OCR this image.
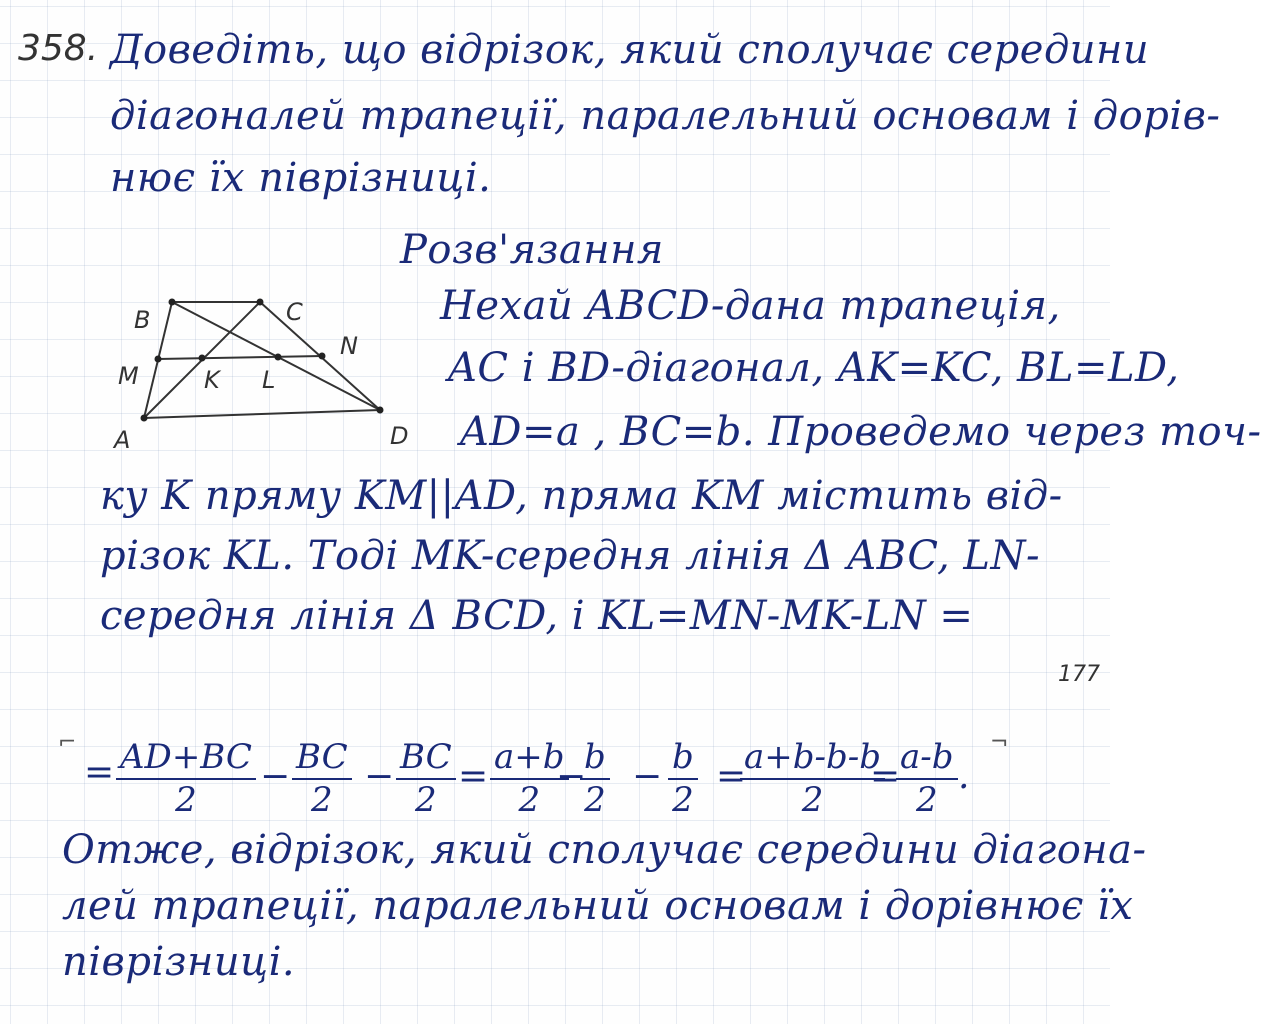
358. Доведіть, що відрізок, який сполучає середини
діагоналей трапеції, паралельний основам і дорів-
нює їх піврізниці.
Розв'язання
B	C
N
M	K L
A	D
Нехай ABCD-дана трапеція,
AC і BD-діагонал, AK=KC, BL=LD,
AD=a , BC=b. Проведемо через точ-
ку K пряму KM||AD, пряма KM містить від-
різок KL. Тоді MK-середня лінія Δ ABC, LN-
середня лінія Δ BCD, і KL=MN-MK-LN =
177
⌐	¬
= $\frac{AD+BC}{2} - \frac{BC}{2} - \frac{BC}{2} = \frac{a+b}{2}$
−
$\frac{b}{2} - \frac{b}{2}$ =
$\frac{a+b-b-b}{2}$
=
$\frac{a-b}{2}$ .
Отже, відрізок, який сполучає середини діагона-
лей трапеції, паралельний основам і дорівнює їх
піврізниці.
